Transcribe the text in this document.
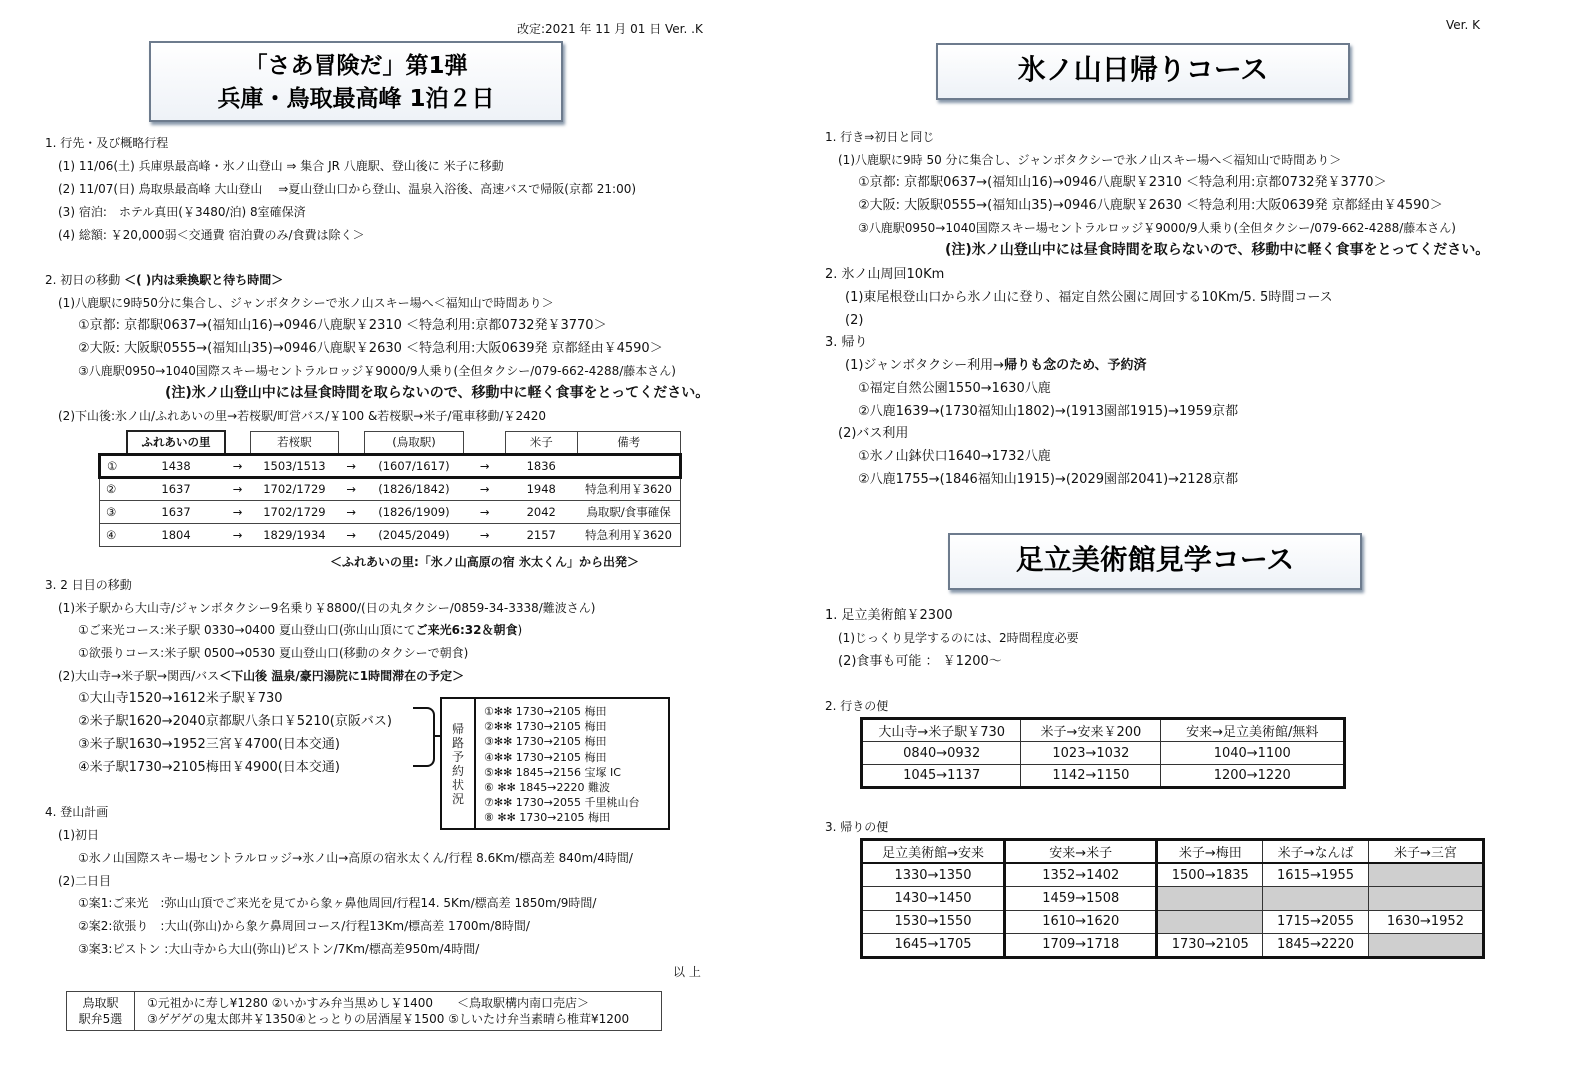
改定:2021 年 11 月 01 日 Ver. .K
「さあ冒険だ」第1弾
兵庫・鳥取最高峰 1泊２日
1. 行先・及び概略行程
(1) 11/06(土) 兵庫県最高峰・氷ノ山登山 ⇒ 集合 JR 八鹿駅、登山後に 米子に移動
(2) 11/07(日) 鳥取県最高峰 大山登山 　⇒夏山登山口から登山、温泉入浴後、高速バスで帰阪(京都 21:00)
(3) 宿泊:　ホテル真田(￥3480/泊) 8室確保済
(4) 総額: ￥20,000弱＜交通費 宿泊費のみ/食費は除く＞
2. 初日の移動 ＜( )内は乗換駅と待ち時間＞
(1)八鹿駅に9時50分に集合し、ジャンボタクシーで氷ノ山スキー場へ＜福知山で時間あり＞
①京都: 京都駅0637→(福知山16)→0946八鹿駅￥2310 ＜特急利用:京都0732発￥3770＞
②大阪: 大阪駅0555→(福知山35)→0946八鹿駅￥2630 ＜特急利用:大阪0639発 京都経由￥4590＞
③八鹿駅0950→1040国際スキー場セントラルロッジ￥9000/9人乗り(全但タクシー/079-662-4288/藤本さん)
(注)氷ノ山登山中には昼食時間を取らないので、移動中に軽く食事をとってください。
(2)下山後:氷ノ山/ふれあいの里→若桜駅/町営バス/￥100 &若桜駅→米子/電車移動/￥2420
	ふれあいの里		若桜駅		(鳥取駅)		米子	備考
①	1438	→	1503/1513	→	(1607/1617)	→	1836	
②	1637	→	1702/1729	→	(1826/1842)	→	1948	特急利用￥3620
③	1637	→	1702/1729	→	(1826/1909)	→	2042	鳥取駅/食事確保
④	1804	→	1829/1934	→	(2045/2049)	→	2157	特急利用￥3620
＜ふれあいの里:「氷ノ山高原の宿 氷太くん」から出発＞
3. 2 日目の移動
(1)米子駅から大山寺/ジャンボタクシー9名乗り￥8800/(日の丸タクシー/0859-34-3338/難波さん)
①ご来光コース:米子駅 0330→0400 夏山登山口(弥山山頂にてご来光6:32＆朝食)
①欲張りコース:米子駅 0500→0530 夏山登山口(移動のタクシーで朝食)
(2)大山寺→米子駅→関西/バス＜下山後 温泉/豪円湯院に1時間滞在の予定＞
①大山寺1520→1612米子駅￥730
②米子駅1620→2040京都駅八条口￥5210(京阪バス)
③米子駅1630→1952三宮￥4700(日本交通)
④米子駅1730→2105梅田￥4900(日本交通)
帰
路
予
約
状
況
①✻✻ 1730→2105 梅田
②✻✻ 1730→2105 梅田
③✻✻ 1730→2105 梅田
④✻✻ 1730→2105 梅田
⑤✻✻ 1845→2156 宝塚 IC
⑥ ✻✻ 1845→2220 難波
⑦✻✻ 1730→2055 千里桃山台
⑧ ✻✻ 1730→2105 梅田
4. 登山計画
(1)初日
①氷ノ山国際スキー場セントラルロッジ→氷ノ山→高原の宿氷太くん/行程 8.6Km/標高差 840m/4時間/
(2)二日目
①案1:ご来光　:弥山山頂でご来光を見てから象ヶ鼻他周回/行程14. 5Km/標高差 1850m/9時間/
②案2:欲張り　:大山(弥山)から象ケ鼻周回コース/行程13Km/標高差 1700m/8時間/
③案3:ピストン :大山寺から大山(弥山)ピストン/7Km/標高差950m/4時間/
以 上
鳥取駅
駅弁5選
①元祖かに寿し¥1280 ②いかすみ弁当黒めし￥1400　　＜鳥取駅構内南口売店＞
③ゲゲゲの鬼太郎丼￥1350④とっとりの居酒屋￥1500 ⑤しいたけ弁当素晴ら椎茸¥1200
Ver. K
氷ノ山日帰りコース
1. 行き⇒初日と同じ
(1)八鹿駅に9時 50 分に集合し、ジャンボタクシーで氷ノ山スキー場へ＜福知山で時間あり＞
①京都: 京都駅0637→(福知山16)→0946八鹿駅￥2310 ＜特急利用:京都0732発￥3770＞
②大阪: 大阪駅0555→(福知山35)→0946八鹿駅￥2630 ＜特急利用:大阪0639発 京都経由￥4590＞
③八鹿駅0950→1040国際スキー場セントラルロッジ￥9000/9人乗り(全但タクシー/079-662-4288/藤本さん)
(注)氷ノ山登山中には昼食時間を取らないので、移動中に軽く食事をとってください。
2. 氷ノ山周回10Km
(1)東尾根登山口から氷ノ山に登り、福定自然公園に周回する10Km/5. 5時間コース
(2)
3. 帰り
(1)ジャンボタクシー利用→帰りも念のため、予約済
①福定自然公園1550→1630八鹿
②八鹿1639→(1730福知山1802)→(1913園部1915)→1959京都
(2)バス利用
①氷ノ山鉢伏口1640→1732八鹿
②八鹿1755→(1846福知山1915)→(2029園部2041)→2128京都
足立美術館見学コース
1. 足立美術館￥2300
(1)じっくり見学するのには、2時間程度必要
(2)食事も可能 ： ￥1200～
2. 行きの便
大山寺→米子駅￥730	米子→安来￥200	安来→足立美術館/無料
0840→0932	1023→1032	1040→1100
1045→1137	1142→1150	1200→1220
3. 帰りの便
足立美術館→安来	安来→米子	米子→梅田	米子→なんば	米子→三宮
1330→1350	1352→1402	1500→1835	1615→1955	
1430→1450	1459→1508			
1530→1550	1610→1620		1715→2055	1630→1952
1645→1705	1709→1718	1730→2105	1845→2220	
